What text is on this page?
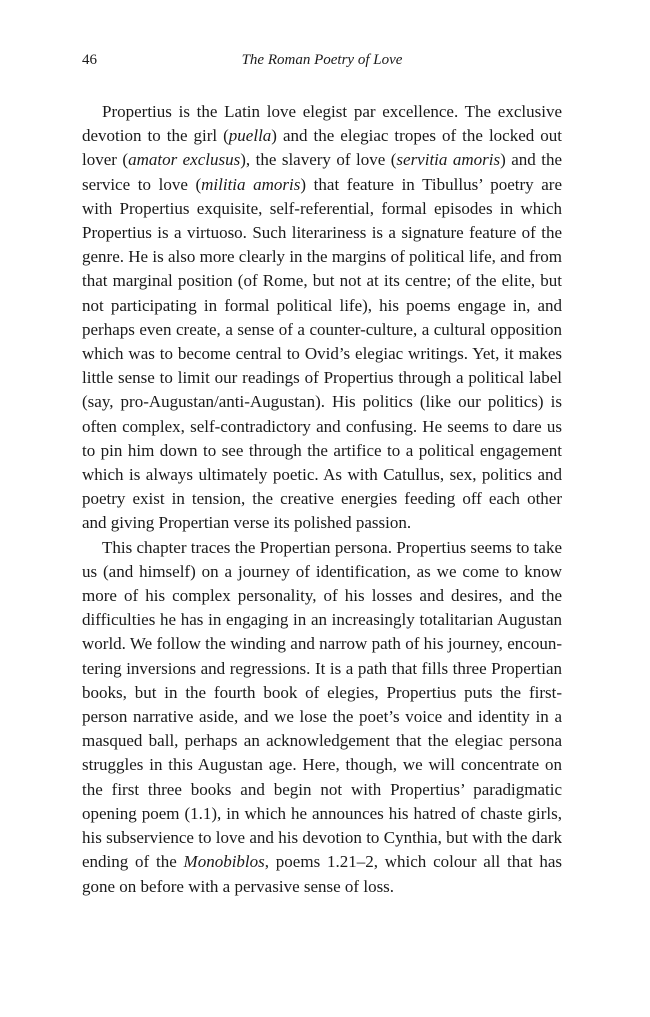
46	The Roman Poetry of Love

Propertius is the Latin love elegist par excellence. The exclusive devotion to the girl (puella) and the elegiac tropes of the locked out lover (amator exclusus), the slavery of love (servitia amoris) and the service to love (militia amoris) that feature in Tibullus’ poetry are with Propertius exquisite, self-referential, formal episodes in which Propertius is a virtuoso. Such literariness is a signature feature of the genre. He is also more clearly in the margins of political life, and from that marginal position (of Rome, but not at its centre; of the elite, but not participating in formal political life), his poems engage in, and perhaps even create, a sense of a counter-culture, a cultural opposition which was to become central to Ovid’s elegiac writings. Yet, it makes little sense to limit our readings of Propertius through a political label (say, pro-Augustan/anti-Augustan). His politics (like our politics) is often complex, self-contradictory and confusing. He seems to dare us to pin him down to see through the artifice to a political engagement which is always ultimately poetic. As with Catullus, sex, politics and poetry exist in tension, the creative energies feeding off each other and giving Propertian verse its polished passion.

This chapter traces the Propertian persona. Propertius seems to take us (and himself) on a journey of identification, as we come to know more of his complex personality, of his losses and desires, and the difficulties he has in engaging in an increasingly totalitarian Augustan world. We follow the winding and narrow path of his journey, encountering inversions and regressions. It is a path that fills three Propertian books, but in the fourth book of elegies, Propertius puts the first-person narrative aside, and we lose the poet’s voice and identity in a masqued ball, perhaps an acknowledgement that the elegiac persona struggles in this Augustan age. Here, though, we will concentrate on the first three books and begin not with Propertius’ paradigmatic opening poem (1.1), in which he announces his hatred of chaste girls, his subservience to love and his devotion to Cynthia, but with the dark ending of the Monobiblos, poems 1.21–2, which colour all that has gone on before with a pervasive sense of loss.
